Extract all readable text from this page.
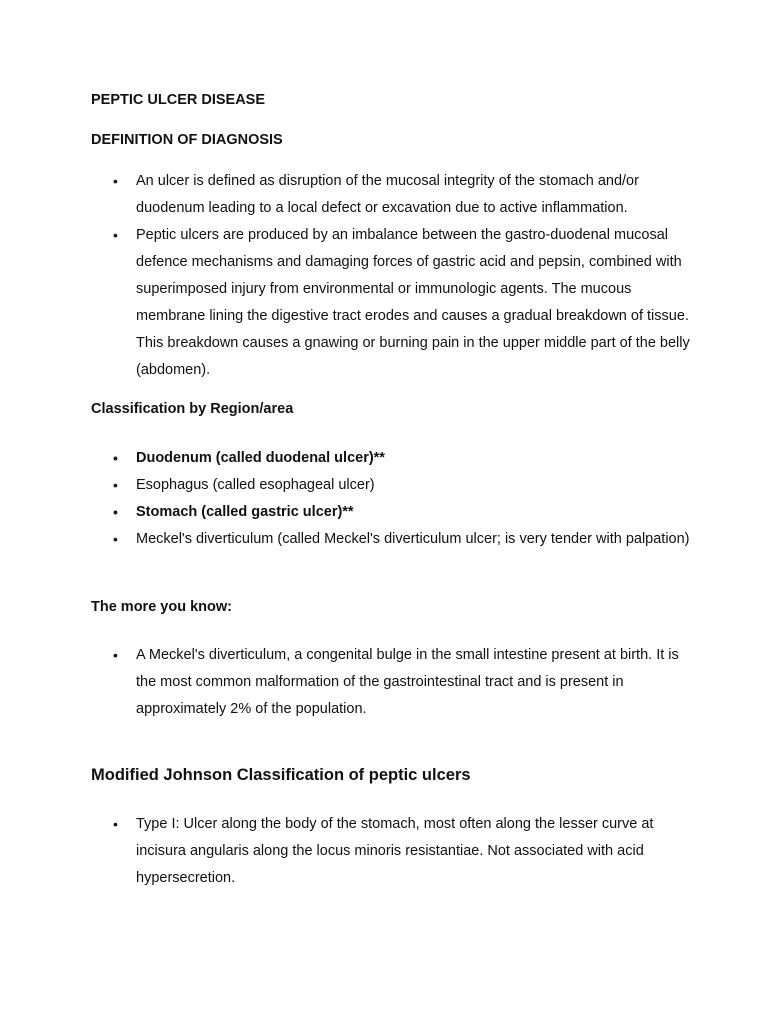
PEPTIC ULCER DISEASE
DEFINITION OF DIAGNOSIS
• An ulcer is defined as disruption of the mucosal integrity of the stomach and/or duodenum leading to a local defect or excavation due to active inflammation.
• Peptic ulcers are produced by an imbalance between the gastro-duodenal mucosal defence mechanisms and damaging forces of gastric acid and pepsin, combined with superimposed injury from environmental or immunologic agents. The mucous membrane lining the digestive tract erodes and causes a gradual breakdown of tissue. This breakdown causes a gnawing or burning pain in the upper middle part of the belly (abdomen).
Classification by Region/area
• Duodenum (called duodenal ulcer)**
• Esophagus (called esophageal ulcer)
• Stomach (called gastric ulcer)**
• Meckel's diverticulum (called Meckel's diverticulum ulcer; is very tender with palpation)
The more you know:
• A Meckel's diverticulum, a congenital bulge in the small intestine present at birth. It is the most common malformation of the gastrointestinal tract and is present in approximately 2% of the population.
Modified Johnson Classification of peptic ulcers
• Type I: Ulcer along the body of the stomach, most often along the lesser curve at incisura angularis along the locus minoris resistantiae. Not associated with acid hypersecretion.
